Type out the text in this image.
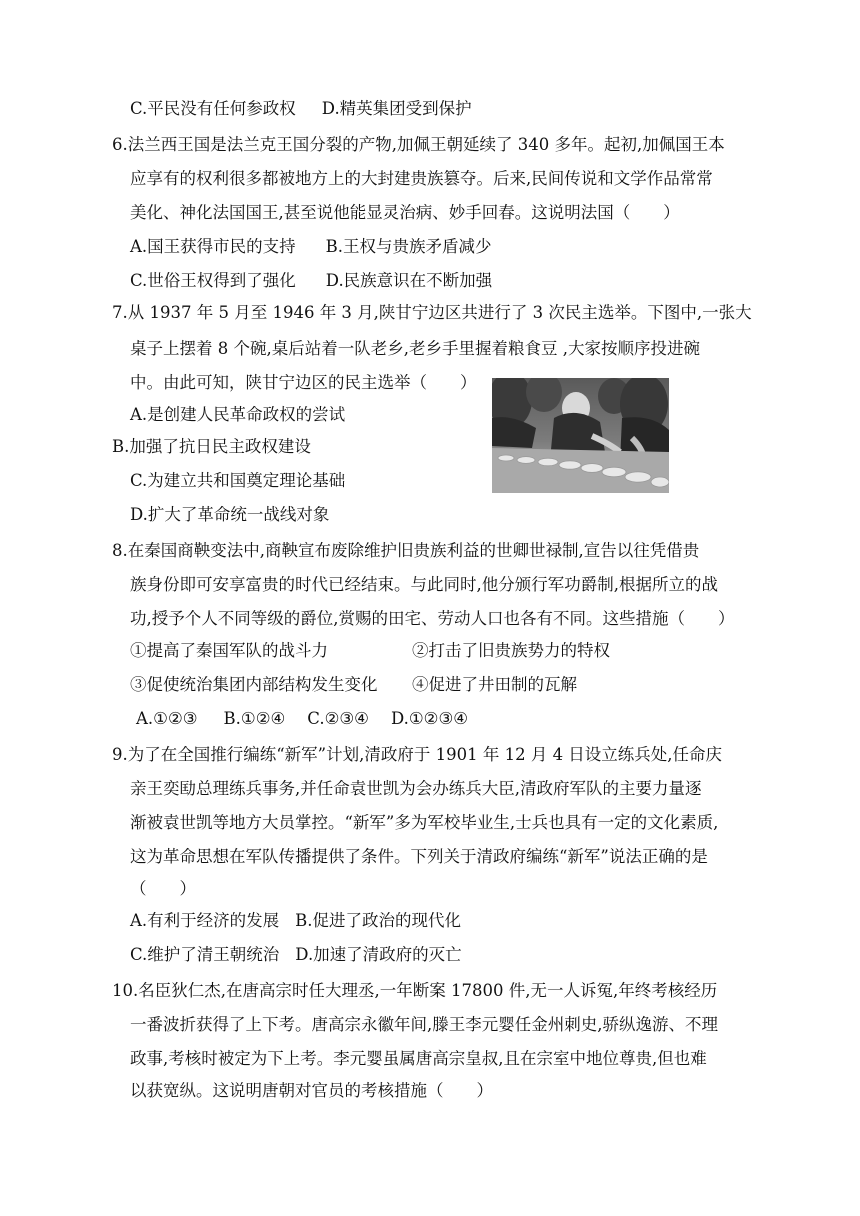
C.平民没有任何参政权 D.精英集团受到保护
6.法兰西王国是法兰克王国分裂的产物,加佩王朝延续了 340 多年。起初,加佩国王本
应享有的权利很多都被地方上的大封建贵族篡夺。后来,民间传说和文学作品常常
美化、神化法国国王,甚至说他能显灵治病、妙手回春。这说明法国（　　）
A.国王获得市民的支持 B.王权与贵族矛盾减少
C.世俗王权得到了强化 D.民族意识在不断加强
7.从 1937 年 5 月至 1946 年 3 月,陕甘宁边区共进行了 3 次民主选举。下图中,一张大
桌子上摆着 8 个碗,桌后站着一队老乡,老乡手里握着粮食豆 ,大家按顺序投进碗
中。由此可知，陕甘宁边区的民主选举（　　）
A.是创建人民革命政权的尝试
B.加强了抗日民主政权建设
C.为建立共和国奠定理论基础
D.扩大了革命统一战线对象
8.在秦国商鞅变法中,商鞅宣布废除维护旧贵族利益的世卿世禄制,宣告以往凭借贵
族身份即可安享富贵的时代已经结束。与此同时,他分颁行军功爵制,根据所立的战
功,授予个人不同等级的爵位,赏赐的田宅、劳动人口也各有不同。这些措施（　　）
①提高了秦国军队的战斗力	②打击了旧贵族势力的特权
③促使统治集团内部结构发生变化 ④促进了井田制的瓦解
A.①②③ B.①②④ C.②③④ D.①②③④
9.为了在全国推行编练“新军”计划,清政府于 1901 年 12 月 4 日设立练兵处,任命庆
亲王奕劻总理练兵事务,并任命袁世凯为会办练兵大臣,清政府军队的主要力量逐
渐被袁世凯等地方大员掌控。“新军”多为军校毕业生,士兵也具有一定的文化素质,
这为革命思想在军队传播提供了条件。下列关于清政府编练“新军”说法正确的是
（　　）
A.有利于经济的发展 B.促进了政治的现代化
C.维护了清王朝统治 D.加速了清政府的灭亡
10.名臣狄仁杰,在唐高宗时任大理丞,一年断案 17800 件,无一人诉冤,年终考核经历
一番波折获得了上下考。唐高宗永徽年间,滕王李元婴任金州刺史,骄纵逸游、不理
政事,考核时被定为下上考。李元婴虽属唐高宗皇叔,且在宗室中地位尊贵,但也难
以获宽纵。这说明唐朝对官员的考核措施（　　）
